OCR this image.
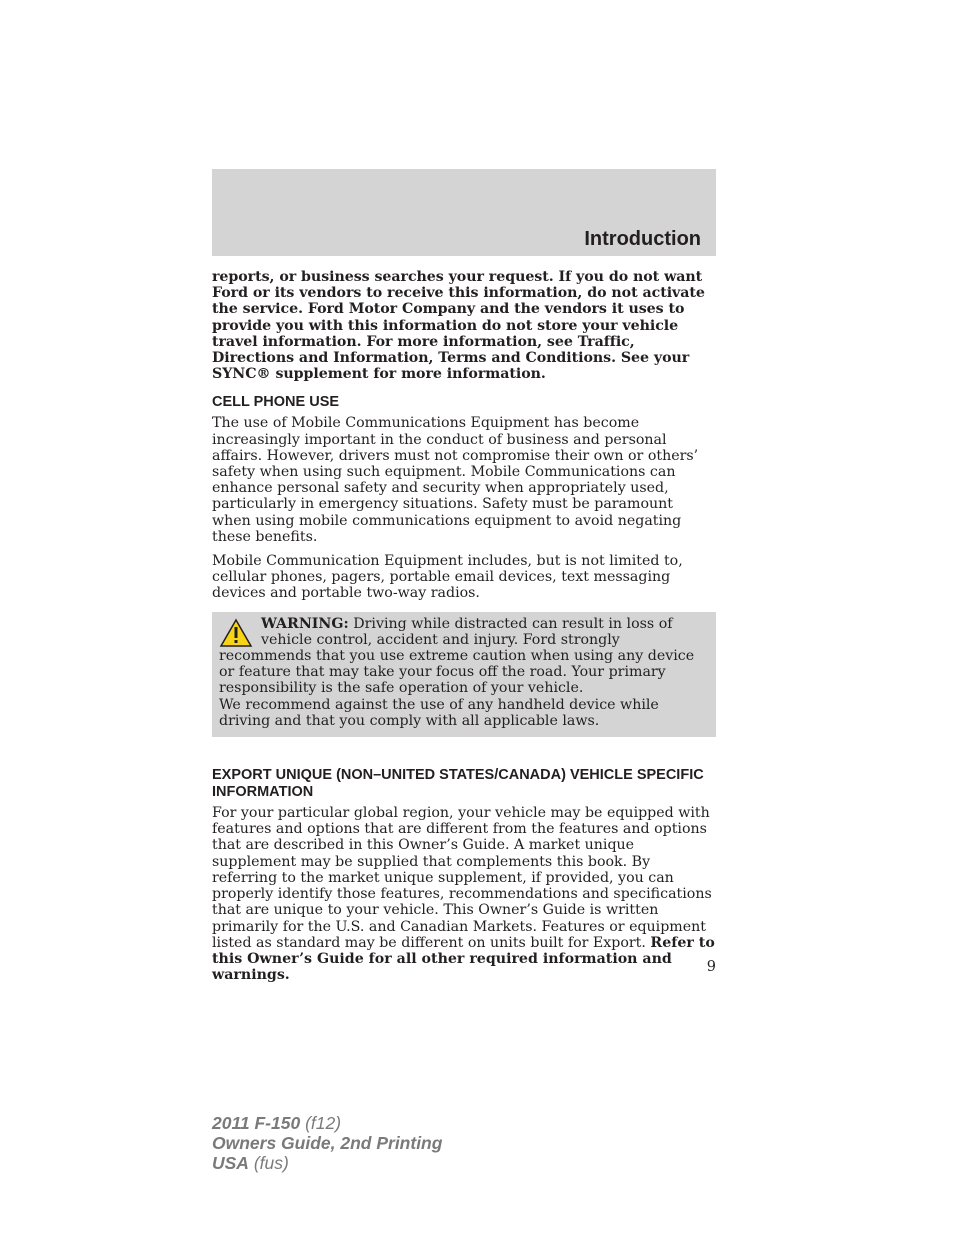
Introduction

reports, or business searches your request. If you do not want Ford or its vendors to receive this information, do not activate the service. Ford Motor Company and the vendors it uses to provide you with this information do not store your vehicle travel information. For more information, see Traffic, Directions and Information, Terms and Conditions. See your SYNC® supplement for more information.

CELL PHONE USE

The use of Mobile Communications Equipment has become increasingly important in the conduct of business and personal affairs. However, drivers must not compromise their own or others’ safety when using such equipment. Mobile Communications can enhance personal safety and security when appropriately used, particularly in emergency situations. Safety must be paramount when using mobile communications equipment to avoid negating these benefits.

Mobile Communication Equipment includes, but is not limited to, cellular phones, pagers, portable email devices, text messaging devices and portable two-way radios.

WARNING: Driving while distracted can result in loss of vehicle control, accident and injury. Ford strongly recommends that you use extreme caution when using any device or feature that may take your focus off the road. Your primary responsibility is the safe operation of your vehicle.

We recommend against the use of any handheld device while driving and that you comply with all applicable laws.

EXPORT UNIQUE (NON–UNITED STATES/CANADA) VEHICLE SPECIFIC INFORMATION

For your particular global region, your vehicle may be equipped with features and options that are different from the features and options that are described in this Owner’s Guide. A market unique supplement may be supplied that complements this book. By referring to the market unique supplement, if provided, you can properly identify those features, recommendations and specifications that are unique to your vehicle. This Owner’s Guide is written primarily for the U.S. and Canadian Markets. Features or equipment listed as standard may be different on units built for Export. Refer to this Owner’s Guide for all other required information and warnings.

9
2011 F-150 (f12)
Owners Guide, 2nd Printing
USA (fus)
